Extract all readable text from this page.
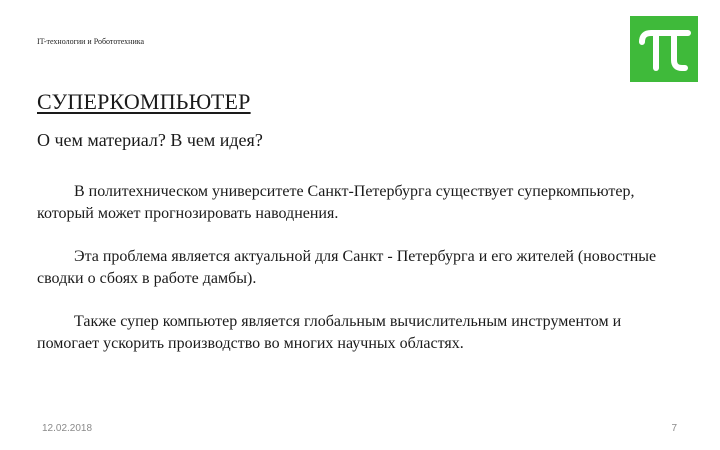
IT-технологии и Робототехника
СУПЕРКОМПЬЮТЕР
О чем материал? В чем идея?

В политехническом университете Санкт-Петербурга существует суперкомпьютер, который может прогнозировать наводнения.

Эта проблема является актуальной для Санкт - Петербурга и его жителей (новостные сводки о сбоях в работе дамбы).

Также супер компьютер является глобальным вычислительным инструментом и помогает ускорить производство во многих научных областях.

12.02.2018	7
